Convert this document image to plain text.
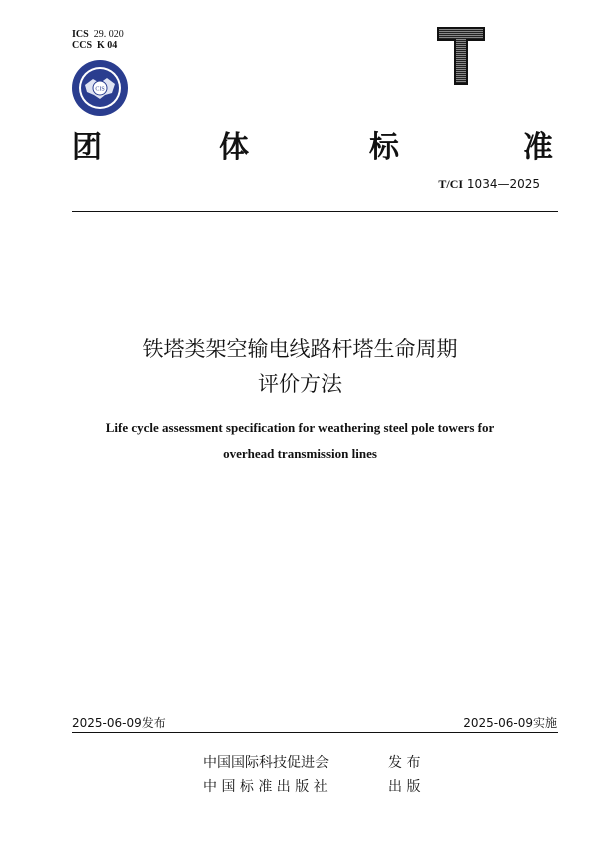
ICS 29. 020
CCS K 04
CIS
团	体	标	准
T/CI 1034—2025
铁塔类架空输电线路杆塔生命周期
评价方法
Life cycle assessment specification for weathering steel pole towers for
overhead transmission lines
2025-06-09发布	2025-06-09实施
中国国际科技促进会	发 布
中 国 标 准 出 版 社	出 版
